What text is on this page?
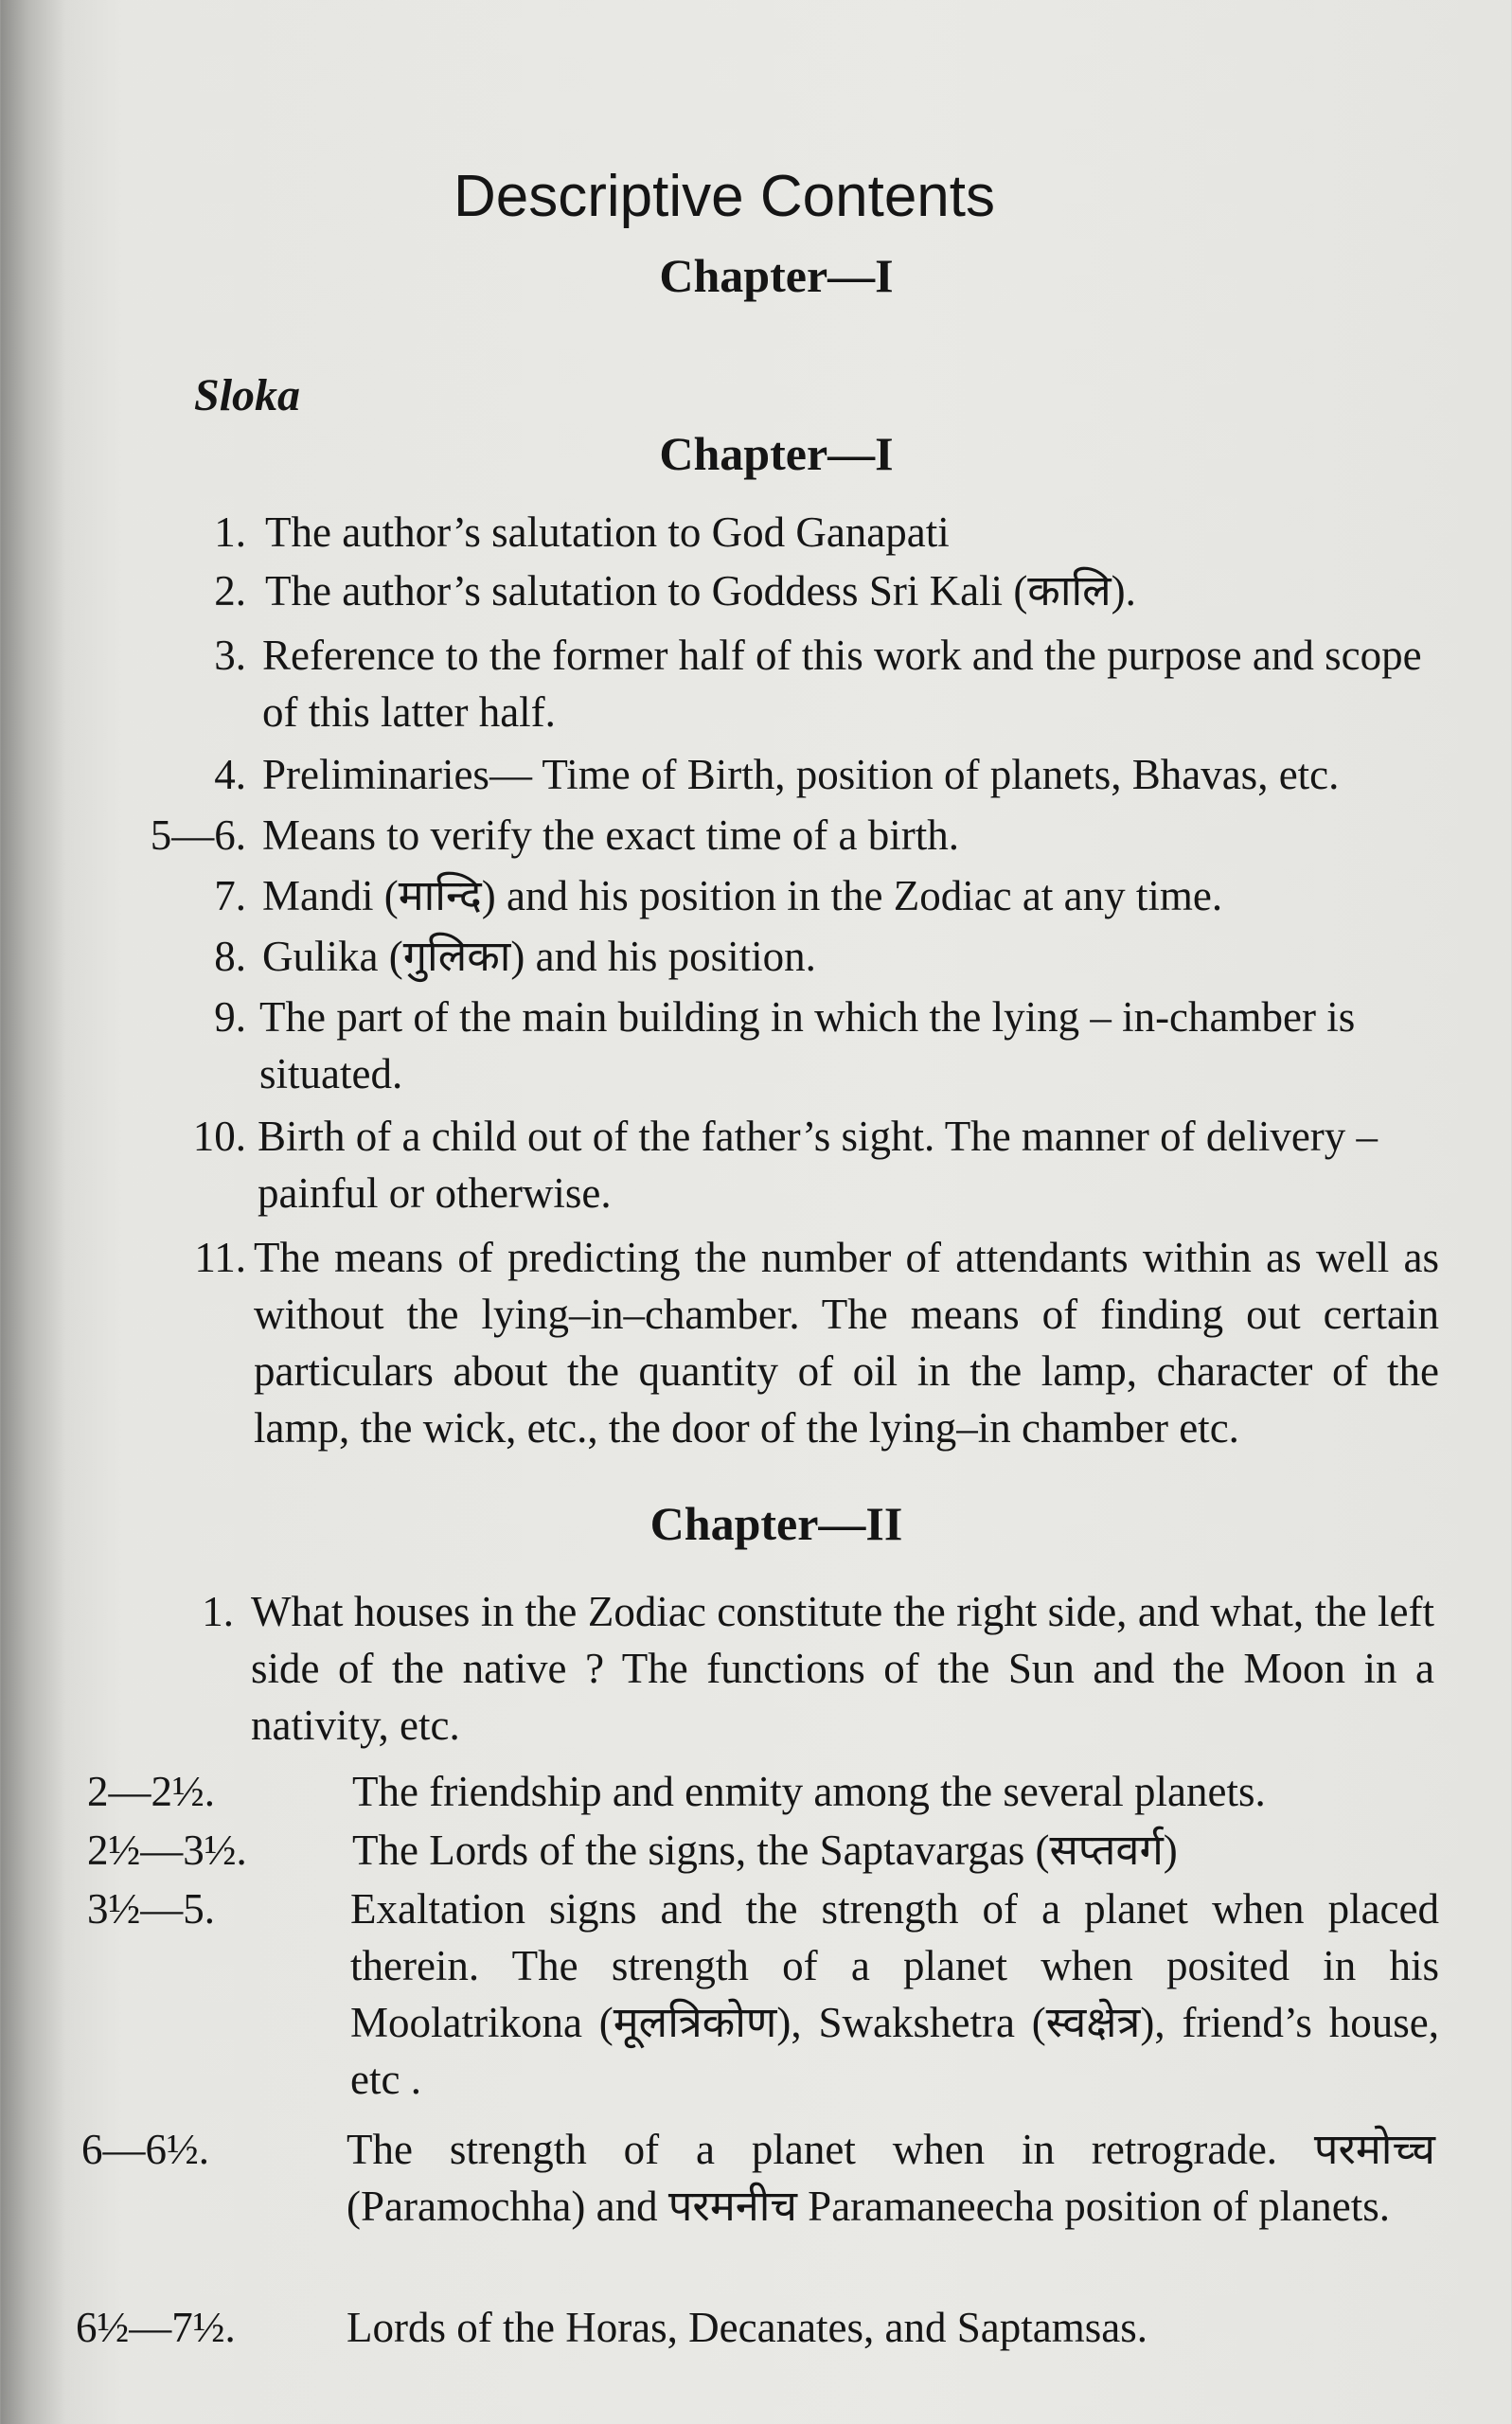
Descriptive Contents
Chapter—I
Sloka
Chapter—I
1. The author’s salutation to God Ganapati
2. The author’s salutation to Goddess Sri Kali (कालि).
3. Reference to the former half of this work and the purpose and scope of this latter half.
4. Preliminaries— Time of Birth, position of planets, Bhavas, etc.
5—6. Means to verify the exact time of a birth.
7. Mandi (मान्दि) and his position in the Zodiac at any time.
8. Gulika (गुलिका) and his position.
9. The part of the main building in which the lying – in-chamber is situated.
10. Birth of a child out of the father’s sight. The manner of delivery –painful or otherwise.
11. The means of predicting the number of attendants within as well as without the lying–in–chamber. The means of finding out certain particulars about the quantity of oil in the lamp, character of the lamp, the wick, etc., the door of the lying–in chamber etc.
Chapter—II
1. What houses in the Zodiac constitute the right side, and what, the left side of the native ? The functions of the Sun and the Moon in a nativity, etc.
2—2½.	The friendship and enmity among the several planets.
2½—3½. The Lords of the signs, the Saptavargas (सप्तवर्ग)
3½—5.	Exaltation signs and the strength of a planet when placed therein. The strength of a planet when posited in his Moolatrikona (मूलत्रिकोण), Swakshetra (स्वक्षेत्र), friend’s house, etc .
6—6½.	The strength of a planet when in retrograde. परमोच्च (Paramochha) and परमनीच Paramaneecha position of planets.
6½—7½.	Lords of the Horas, Decanates, and Saptamsas.
